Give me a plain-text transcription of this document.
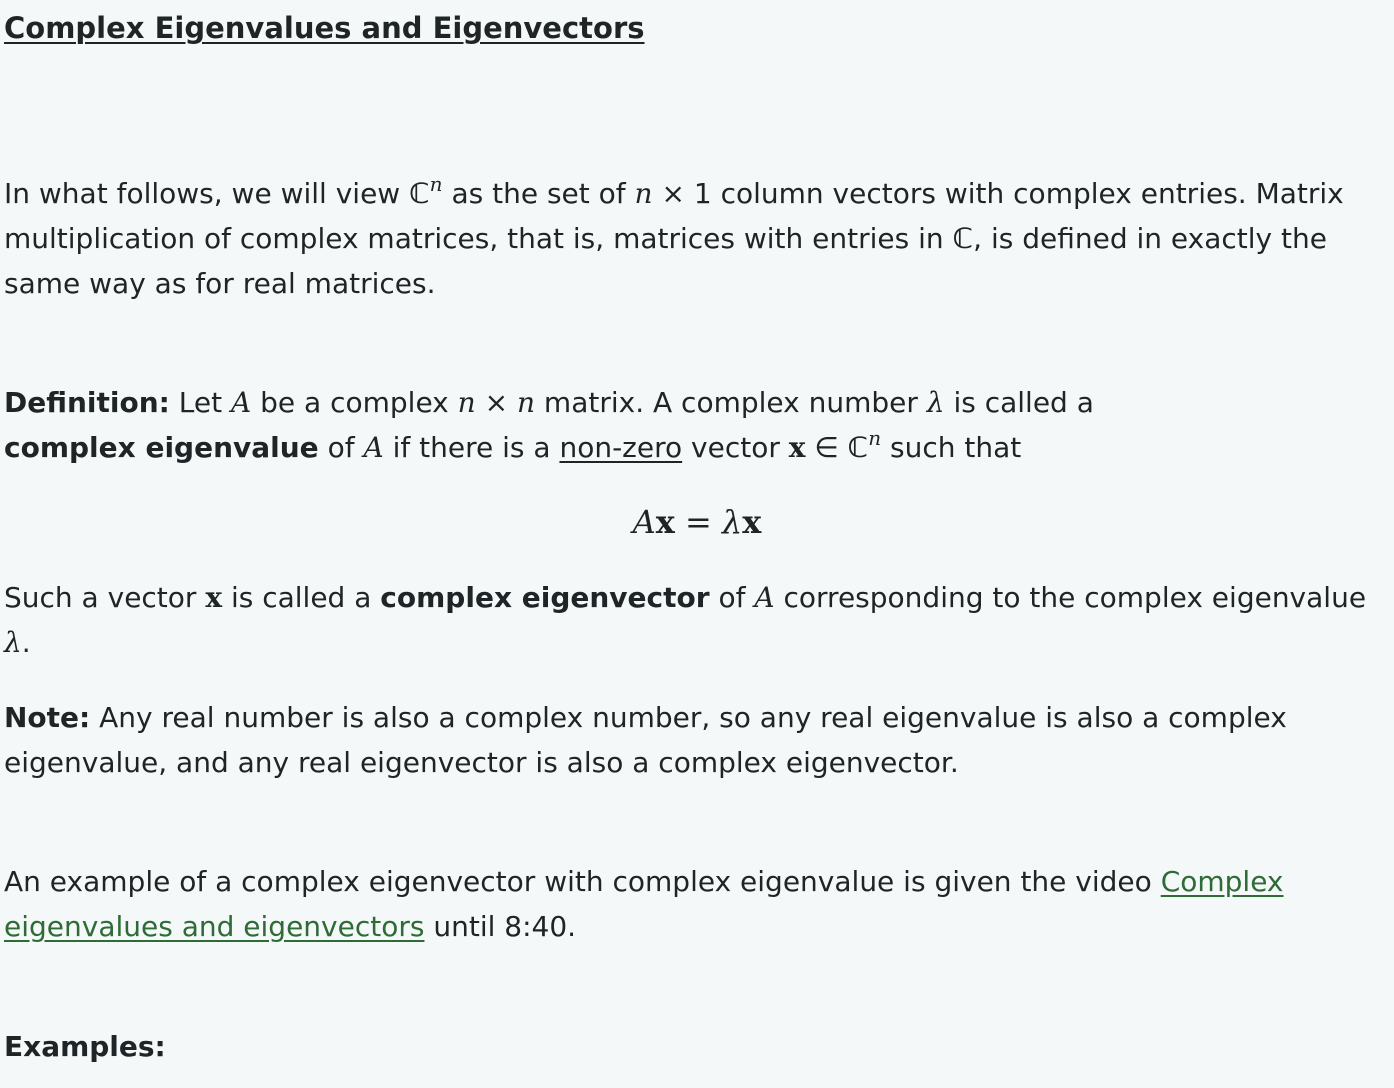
Complex Eigenvalues and Eigenvectors

In what follows, we will view ℂ$^n$ as the set of n × 1 column vectors with complex entries. Matrix multiplication of complex matrices, that is, matrices with entries in ℂ, is defined in exactly the same way as for real matrices.

Definition: Let A be a complex n × n matrix. A complex number λ is called a
complex eigenvalue of A if there is a non-zero vector x ∈ ℂ$^n$ such that

Ax = λx

Such a vector x is called a complex eigenvector of A corresponding to the complex eigenvalue λ.

Note: Any real number is also a complex number, so any real eigenvalue is also a complex eigenvalue, and any real eigenvector is also a complex eigenvector.

An example of a complex eigenvector with complex eigenvalue is given the video Complex eigenvalues and eigenvectors until 8:40.

Examples:
